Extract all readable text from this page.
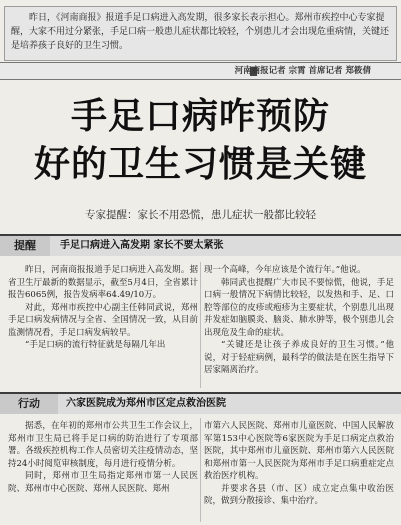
昨日，《河南商报》报道手足口病进入高发期，很多家长表示担心。郑州市疾控中心专家提醒，大家不用过分紧张，手足口病一般患儿症状都比较轻，个别患儿才会出现危重病情，关键还是培养孩子良好的卫生习惯。

河南商报记者 宗霄 首席记者 郑筱倩
手足口病咋预防
好的卫生习惯是关键
专家提醒：家长不用恐慌，患儿症状一般都比较轻
提醒	手足口病进入高发期 家长不要太紧张

昨日，河南商报报道手足口病进入高发期。据省卫生厅最新的数据显示，截至5月4日，全省累计报告6065例，报告发病率64.49/10万。

对此，郑州市疾控中心副主任韩同武说，郑州手足口病发病情况与全省、全国情况一致，从目前监测情况看，手足口病发病较早。

“手足口病的流行特征就是每隔几年出

现一个高峰，今年应该是个流行年。”他说。

韩同武也提醒广大市民不要惊慌，他说，手足口病一般情况下病情比较轻，以发热和手、足、口腔等部位的皮疹或疱疹为主要症状，个别患儿出现并发症如脑膜炎、脑炎、肺水肿等，极个别患儿会出现危及生命的症状。

“关键还是让孩子养成良好的卫生习惯。”他说，对于轻症病例，最科学的做法是在医生指导下居家隔离治疗。

行动	六家医院成为郑州市区定点救治医院

据悉，在年初的郑州市公共卫生工作会议上，郑州市卫生局已将手足口病的防治进行了专项部署。各级疾控机构工作人员密切关注疫情动态，坚持24小时阅览审核制度，每月进行疫情分析。

同时，郑州市卫生局指定郑州市第一人民医院、郑州市中心医院、郑州人民医院、郑州

市第六人民医院、郑州市儿童医院、中国人民解放军第153中心医院等6家医院为手足口病定点救治医院，其中郑州市儿童医院、郑州市第六人民医院和郑州市第一人民医院为郑州市手足口病重症定点救治医疗机构。

并要求各县（市、区）成立定点集中收治医院，做到分散接诊、集中治疗。
